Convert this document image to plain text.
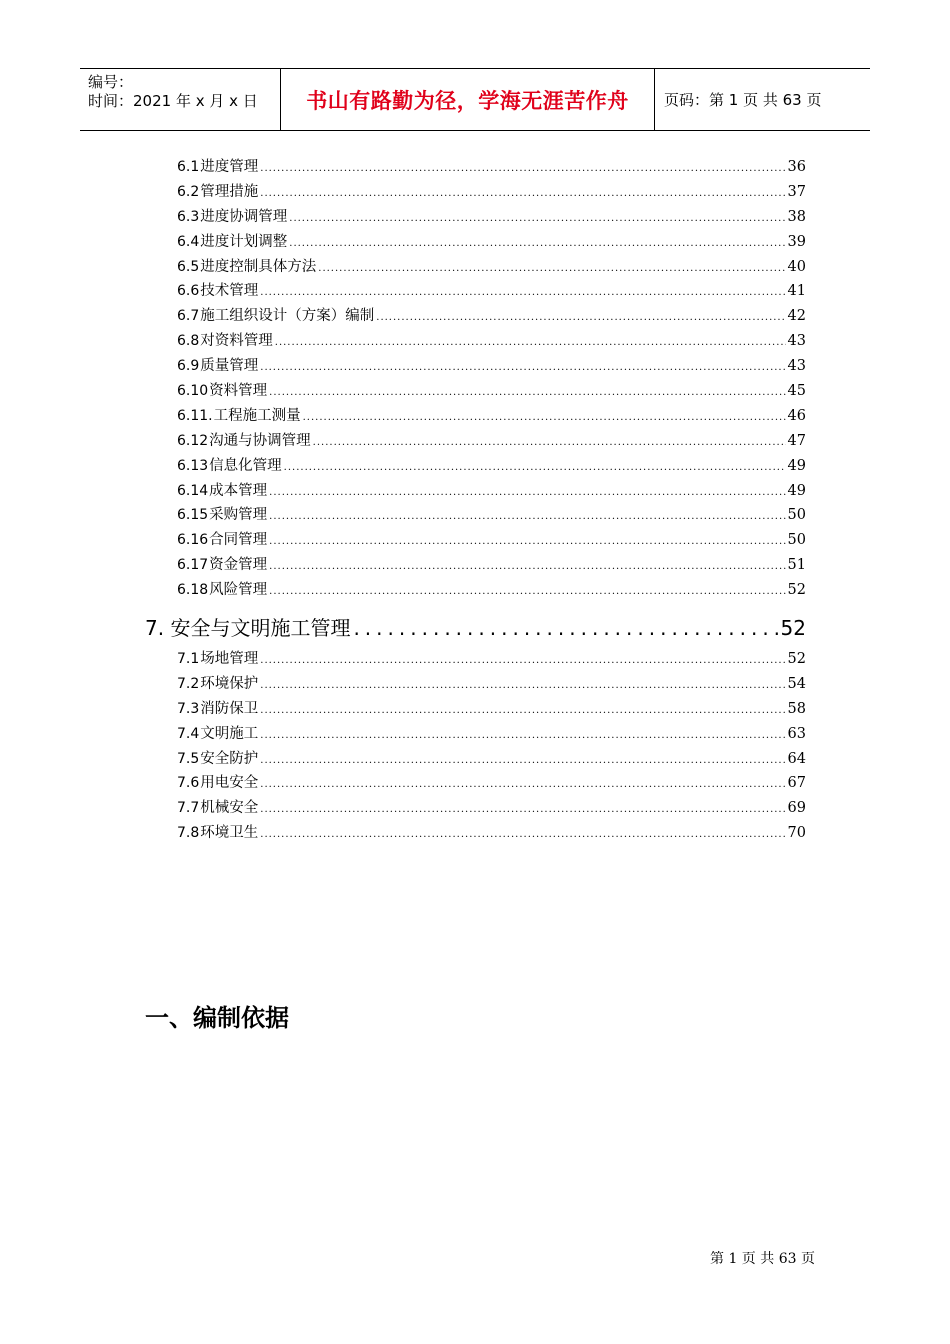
编号：
时间：2021 年 x 月 x 日	书山有路勤为径，学海无涯苦作舟	页码：第 1 页 共 63 页
6.1 进度管理 .....	36
6.2 管理措施 .....	37
6.3 进度协调管理 .....	38
6.4 进度计划调整 .....	39
6.5 进度控制具体方法 .....	40
6.6 技术管理 .....	41
6.7 施工组织设计（方案）编制 .....	42
6.8 对资料管理 .....	43
6.9 质量管理 .....	43
6.10 资料管理 .....	45
6.11. 工程施工测量 .....	46
6.12 沟通与协调管理 .....	47
6.13 信息化管理 .....	49
6.14 成本管理 .....	49
6.15 采购管理 .....	50
6.16 合同管理 .....	50
6.17 资金管理 .....	51
6.18 风险管理 .....	52
7. 安全与文明施工管理 .....	52
7.1 场地管理 .....	52
7.2 环境保护 .....	54
7.3 消防保卫 .....	58
7.4 文明施工 .....	63
7.5 安全防护 .....	64
7.6 用电安全 .....	67
7.7 机械安全 .....	69
7.8 环境卫生 .....	70
一、编制依据
第 1 页 共 63 页
